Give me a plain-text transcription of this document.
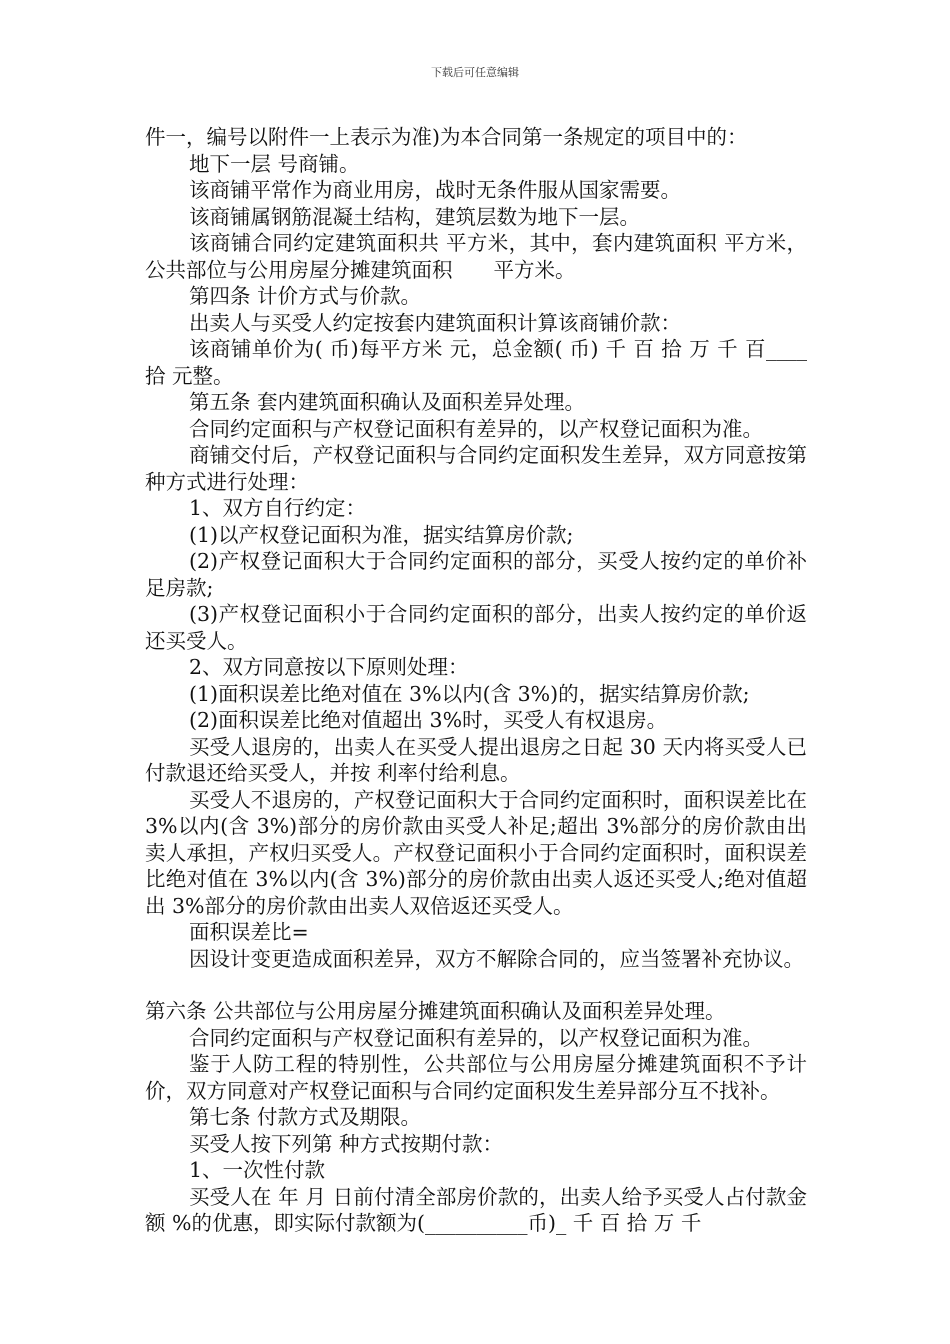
下载后可任意编辑

件一，编号以附件一上表示为准)为本合同第一条规定的项目中的：

地下一层 号商铺。

该商铺平常作为商业用房，战时无条件服从国家需要。

该商铺属钢筋混凝土结构，建筑层数为地下一层。

该商铺合同约定建筑面积共 平方米，其中，套内建筑面积 平方米，公共部位与公用房屋分摊建筑面积　　平方米。

第四条 计价方式与价款。

出卖人与买受人约定按套内建筑面积计算该商铺价款：

该商铺单价为( 币)每平方米 元，总金额( 币) 千 百 拾 万 千 百____拾 元整。

第五条 套内建筑面积确认及面积差异处理。

合同约定面积与产权登记面积有差异的，以产权登记面积为准。

商铺交付后，产权登记面积与合同约定面积发生差异，双方同意按第 种方式进行处理：

1、双方自行约定：

(1)以产权登记面积为准，据实结算房价款;

(2)产权登记面积大于合同约定面积的部分，买受人按约定的单价补足房款;

(3)产权登记面积小于合同约定面积的部分，出卖人按约定的单价返还买受人。

2、双方同意按以下原则处理：

(1)面积误差比绝对值在 3%以内(含 3%)的，据实结算房价款;

(2)面积误差比绝对值超出 3%时，买受人有权退房。

买受人退房的，出卖人在买受人提出退房之日起 30 天内将买受人已付款退还给买受人，并按 利率付给利息。

买受人不退房的，产权登记面积大于合同约定面积时，面积误差比在 3%以内(含 3%)部分的房价款由买受人补足;超出 3%部分的房价款由出卖人承担，产权归买受人。产权登记面积小于合同约定面积时，面积误差比绝对值在 3%以内(含 3%)部分的房价款由出卖人返还买受人;绝对值超出 3%部分的房价款由出卖人双倍返还买受人。

面积误差比=

因设计变更造成面积差异，双方不解除合同的，应当签署补充协议。

第六条 公共部位与公用房屋分摊建筑面积确认及面积差异处理。

合同约定面积与产权登记面积有差异的，以产权登记面积为准。

鉴于人防工程的特别性，公共部位与公用房屋分摊建筑面积不予计价，双方同意对产权登记面积与合同约定面积发生差异部分互不找补。

第七条 付款方式及期限。

买受人按下列第 种方式按期付款：

1、一次性付款

买受人在 年 月 日前付清全部房价款的，出卖人给予买受人占付款金额 %的优惠，即实际付款额为(__________币)_ 千 百 拾 万 千
